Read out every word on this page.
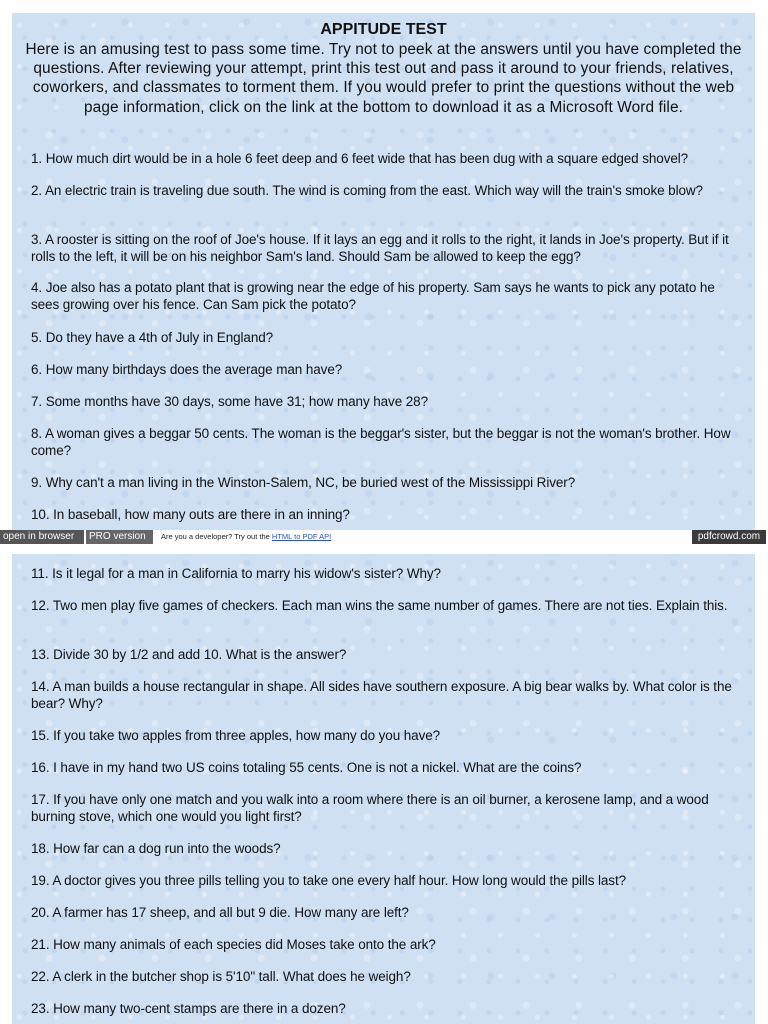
APPITUDE TEST
Here is an amusing test to pass some time. Try not to peek at the answers until you have completed the questions. After reviewing your attempt, print this test out and pass it around to your friends, relatives, coworkers, and classmates to torment them. If you would prefer to print the questions without the web page information, click on the link at the bottom to download it as a Microsoft Word file.
1. How much dirt would be in a hole 6 feet deep and 6 feet wide that has been dug with a square edged shovel?
2. An electric train is traveling due south. The wind is coming from the east. Which way will the train's smoke blow?
3. A rooster is sitting on the roof of Joe's house. If it lays an egg and it rolls to the right, it lands in Joe's property. But if it rolls to the left, it will be on his neighbor Sam's land. Should Sam be allowed to keep the egg?
4. Joe also has a potato plant that is growing near the edge of his property. Sam says he wants to pick any potato he sees growing over his fence. Can Sam pick the potato?
5. Do they have a 4th of July in England?
6. How many birthdays does the average man have?
7. Some months have 30 days, some have 31; how many have 28?
8. A woman gives a beggar 50 cents. The woman is the beggar's sister, but the beggar is not the woman's brother. How come?
9. Why can't a man living in the Winston-Salem, NC, be buried west of the Mississippi River?
10. In baseball, how many outs are there in an inning?
open in browser	PRO version	Are you a developer? Try out the HTML to PDF API	pdfcrowd.com
11. Is it legal for a man in California to marry his widow's sister? Why?
12. Two men play five games of checkers. Each man wins the same number of games. There are not ties. Explain this.
13. Divide 30 by 1/2 and add 10. What is the answer?
14. A man builds a house rectangular in shape. All sides have southern exposure. A big bear walks by. What color is the bear? Why?
15. If you take two apples from three apples, how many do you have?
16. I have in my hand two US coins totaling 55 cents. One is not a nickel. What are the coins?
17. If you have only one match and you walk into a room where there is an oil burner, a kerosene lamp, and a wood burning stove, which one would you light first?
18. How far can a dog run into the woods?
19. A doctor gives you three pills telling you to take one every half hour. How long would the pills last?
20. A farmer has 17 sheep, and all but 9 die. How many are left?
21. How many animals of each species did Moses take onto the ark?
22. A clerk in the butcher shop is 5'10" tall. What does he weigh?
23. How many two-cent stamps are there in a dozen?
